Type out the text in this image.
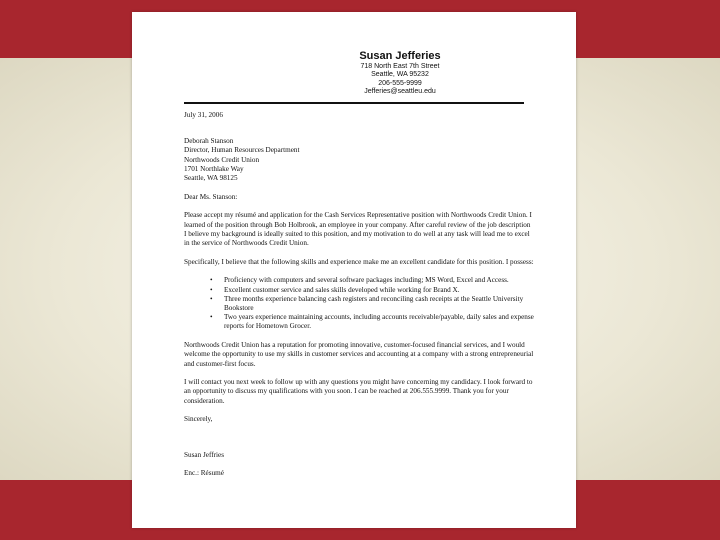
Susan Jefferies
718 North East 7th Street
Seattle, WA 95232
206-555-9999
Jefferies@seattleu.edu

July 31, 2006

Deborah Stanson

Director, Human Resources Department

Northwoods Credit Union

1701 Northlake Way

Seattle, WA 98125

Dear Ms. Stanson:

Please accept my résumé and application for the Cash Services Representative position with Northwoods Credit Union. I learned of the position through Bob Holbrook, an employee in your company. After careful review of the job description I believe my background is ideally suited to this position, and my motivation to do well at any task will lead me to excel in the service of Northwoods Credit Union.

Specifically, I believe that the following skills and experience make me an excellent candidate for this position. I possess:

• Proficiency with computers and several software packages including; MS Word, Excel and Access.
• Excellent customer service and sales skills developed while working for Brand X.
• Three months experience balancing cash registers and reconciling cash receipts at the Seattle University Bookstore
• Two years experience maintaining accounts, including accounts receivable/payable, daily sales and expense reports for Hometown Grocer.

Northwoods Credit Union has a reputation for promoting innovative, customer-focused financial services, and I would welcome the opportunity to use my skills in customer services and accounting at a company with a strong entrepreneurial and customer-first focus.

I will contact you next week to follow up with any questions you might have concerning my candidacy. I look forward to an opportunity to discuss my qualifications with you soon. I can be reached at 206.555.9999. Thank you for your consideration.

Sincerely,

Susan Jeffries

Enc.: Résumé
